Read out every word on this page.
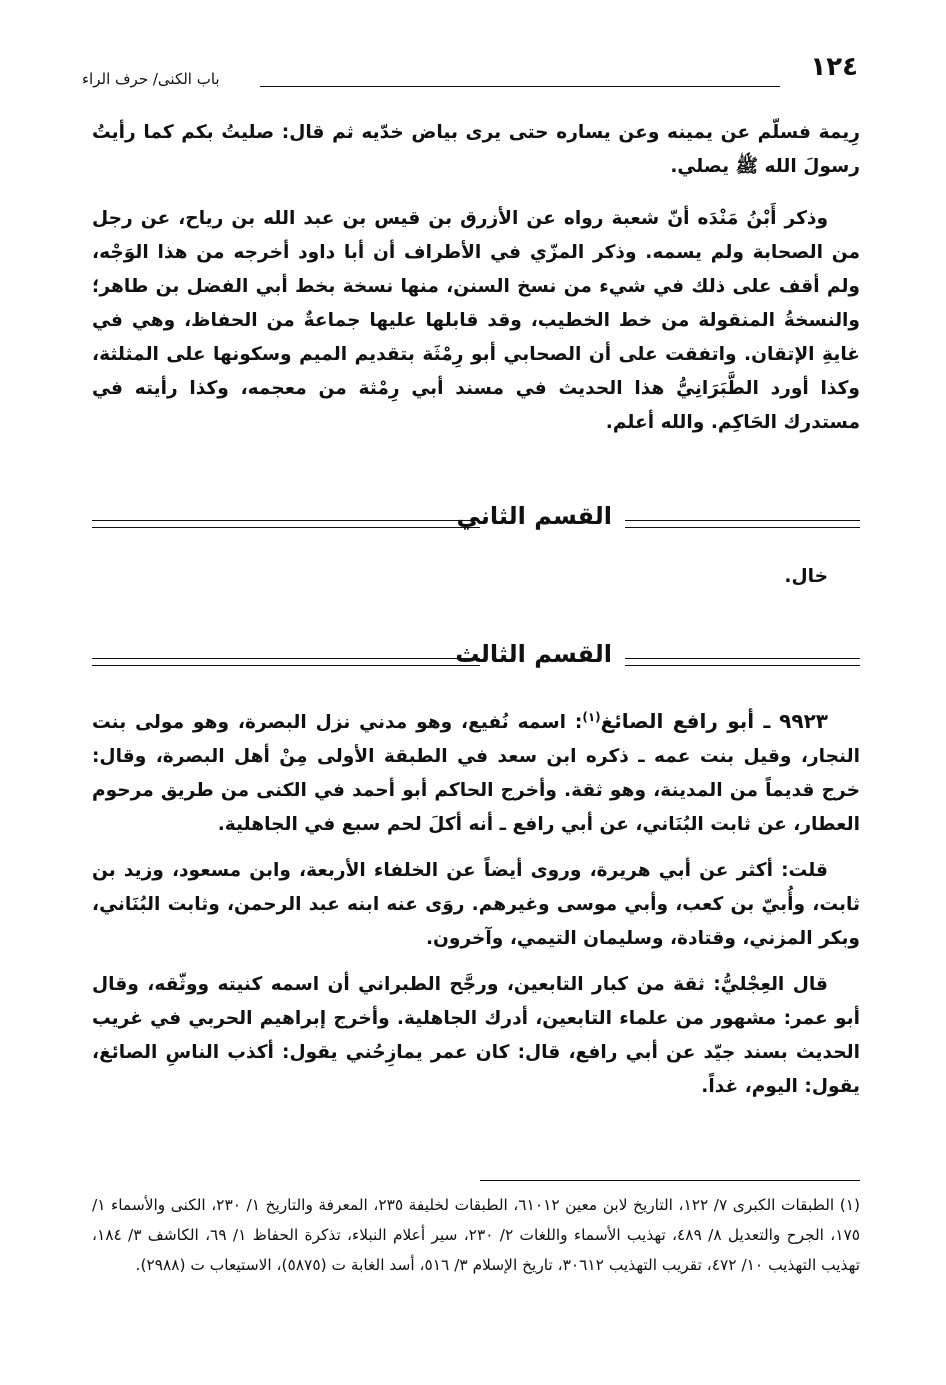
١٢٤
باب الكنى/ حرف الراء

رِيمة فسلّم عن يمينه وعن يساره حتى يرى بياض خدّيه ثم قال: صليتُ بكم كما رأيتُ رسولَ الله ﷺ يصلي.

وذكر أَبْنُ مَنْدَه أنّ شعبة رواه عن الأزرق بن قيس بن عبد الله بن رياح، عن رجل من الصحابة ولم يسمه. وذكر المزّي في الأطراف أن أبا داود أخرجه من هذا الوَجْه، ولم أقف على ذلك في شيء من نسخ السنن، منها نسخة بخط أبي الفضل بن طاهر؛ والنسخةُ المنقولة من خط الخطيب، وقد قابلها عليها جماعةٌ من الحفاظ، وهي في غايةِ الإتقان. واتفقت على أن الصحابي أبو رِمْثَة بتقديم الميم وسكونها على المثلثة، وكذا أورد الطَّبَرَانِيُّ هذا الحديث في مسند أبي رِمْثة من معجمه، وكذا رأيته في مستدرك الحَاكِم. والله أعلم.

القسم الثاني

خال.

القسم الثالث

٩٩٢٣ ـ أبو رافع الصائغ$^{(١)}$: اسمه نُفيع، وهو مدني نزل البصرة، وهو مولى بنت النجار، وقيل بنت عمه ـ ذكره ابن سعد في الطبقة الأولى مِنْ أهل البصرة، وقال: خرج قديماً من المدينة، وهو ثقة. وأخرج الحاكم أبو أحمد في الكنى من طريق مرحوم العطار، عن ثابت البُنَاني، عن أبي رافع ـ أنه أكلَ لحم سبع في الجاهلية.

قلت: أكثر عن أبي هريرة، وروى أيضاً عن الخلفاء الأربعة، وابن مسعود، وزيد بن ثابت، وأُبيّ بن كعب، وأبي موسى وغيرهم. روَى عنه ابنه عبد الرحمن، وثابت البُنَاني، وبكر المزني، وقتادة، وسليمان التيمي، وآخرون.

قال العِجْليُّ: ثقة من كبار التابعين، ورجَّح الطبراني أن اسمه كنيته ووثّقه، وقال أبو عمر: مشهور من علماء التابعين، أدرك الجاهلية. وأخرج إبراهيم الحربي في غريب الحديث بسند جيّد عن أبي رافع، قال: كان عمر يمازِحُني يقول: أكذب الناسِ الصائغ، يقول: اليوم، غداً.

(١) الطبقات الكبرى ٧/ ١٢٢، التاريخ لابن معين ٦١٠١٢، الطبقات لخليفة ٢٣٥، المعرفة والتاريخ ١/ ٢٣٠، الكنى والأسماء ١/ ١٧٥، الجرح والتعديل ٨/ ٤٨٩، تهذيب الأسماء واللغات ٢/ ٢٣٠، سير أعلام النبلاء، تذكرة الحفاظ ١/ ٦٩، الكاشف ٣/ ١٨٤، تهذيب التهذيب ١٠/ ٤٧٢، تقريب التهذيب ٣٠٦١٢، تاريخ الإسلام ٣/ ٥١٦، أسد الغابة ت (٥٨٧٥)، الاستيعاب ت (٢٩٨٨).
